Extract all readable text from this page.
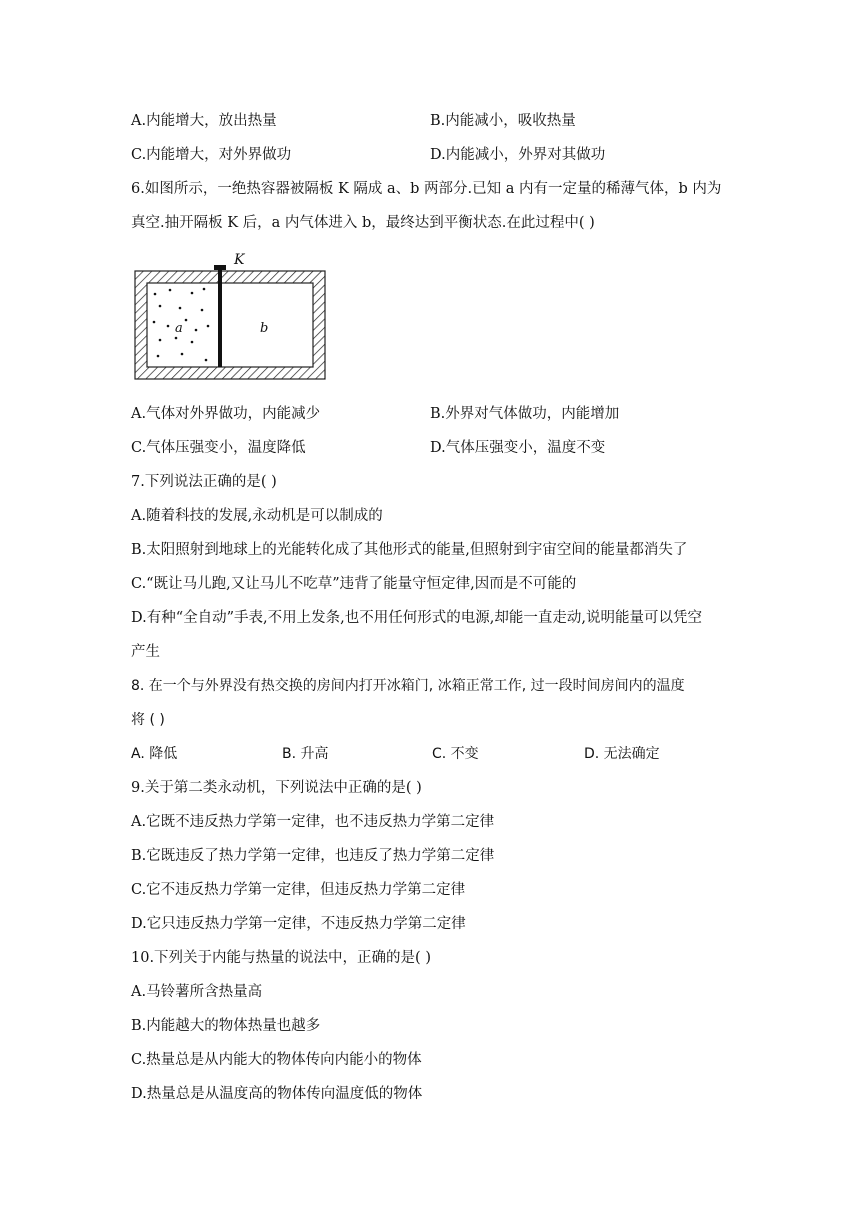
A.内能增大，放出热量	B.内能减小，吸收热量
C.内能增大，对外界做功	D.内能减小，外界对其做功
6.如图所示，一绝热容器被隔板 K 隔成 a、b 两部分.已知 a 内有一定量的稀薄气体，b 内为
真空.抽开隔板 K 后，a 内气体进入 b，最终达到平衡状态.在此过程中( )
K
a	b
A.气体对外界做功，内能减少	B.外界对气体做功，内能增加
C.气体压强变小，温度降低	D.气体压强变小，温度不变
7.下列说法正确的是( )
A.随着科技的发展,永动机是可以制成的
B.太阳照射到地球上的光能转化成了其他形式的能量,但照射到宇宙空间的能量都消失了
C.“既让马儿跑,又让马儿不吃草”违背了能量守恒定律,因而是不可能的
D.有种“全自动”手表,不用上发条,也不用任何形式的电源,却能一直走动,说明能量可以凭空
产生
8. 在一个与外界没有热交换的房间内打开冰箱门, 冰箱正常工作, 过一段时间房间内的温度
将 ( )
A. 降低	B. 升高	C. 不变	D. 无法确定
9.关于第二类永动机，下列说法中正确的是( )
A.它既不违反热力学第一定律，也不违反热力学第二定律
B.它既违反了热力学第一定律，也违反了热力学第二定律
C.它不违反热力学第一定律，但违反热力学第二定律
D.它只违反热力学第一定律，不违反热力学第二定律
10.下列关于内能与热量的说法中，正确的是( )
A.马铃薯所含热量高
B.内能越大的物体热量也越多
C.热量总是从内能大的物体传向内能小的物体
D.热量总是从温度高的物体传向温度低的物体
